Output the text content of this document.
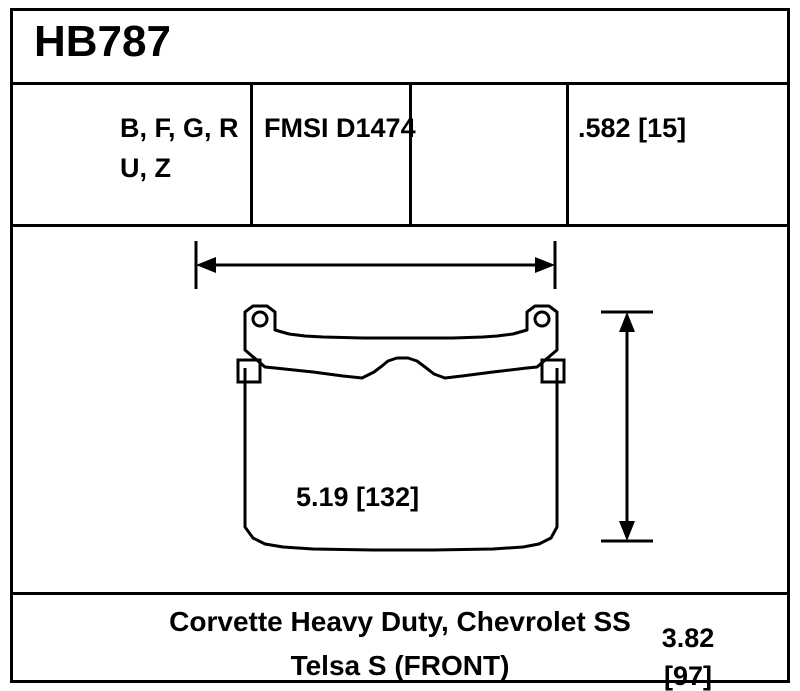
HB787
B, F, G, R
U, Z
FMSI D1474	.582 [15]
5.19 [132]
3.82
[97]
Corvette Heavy Duty, Chevrolet SS
Telsa S (FRONT)
